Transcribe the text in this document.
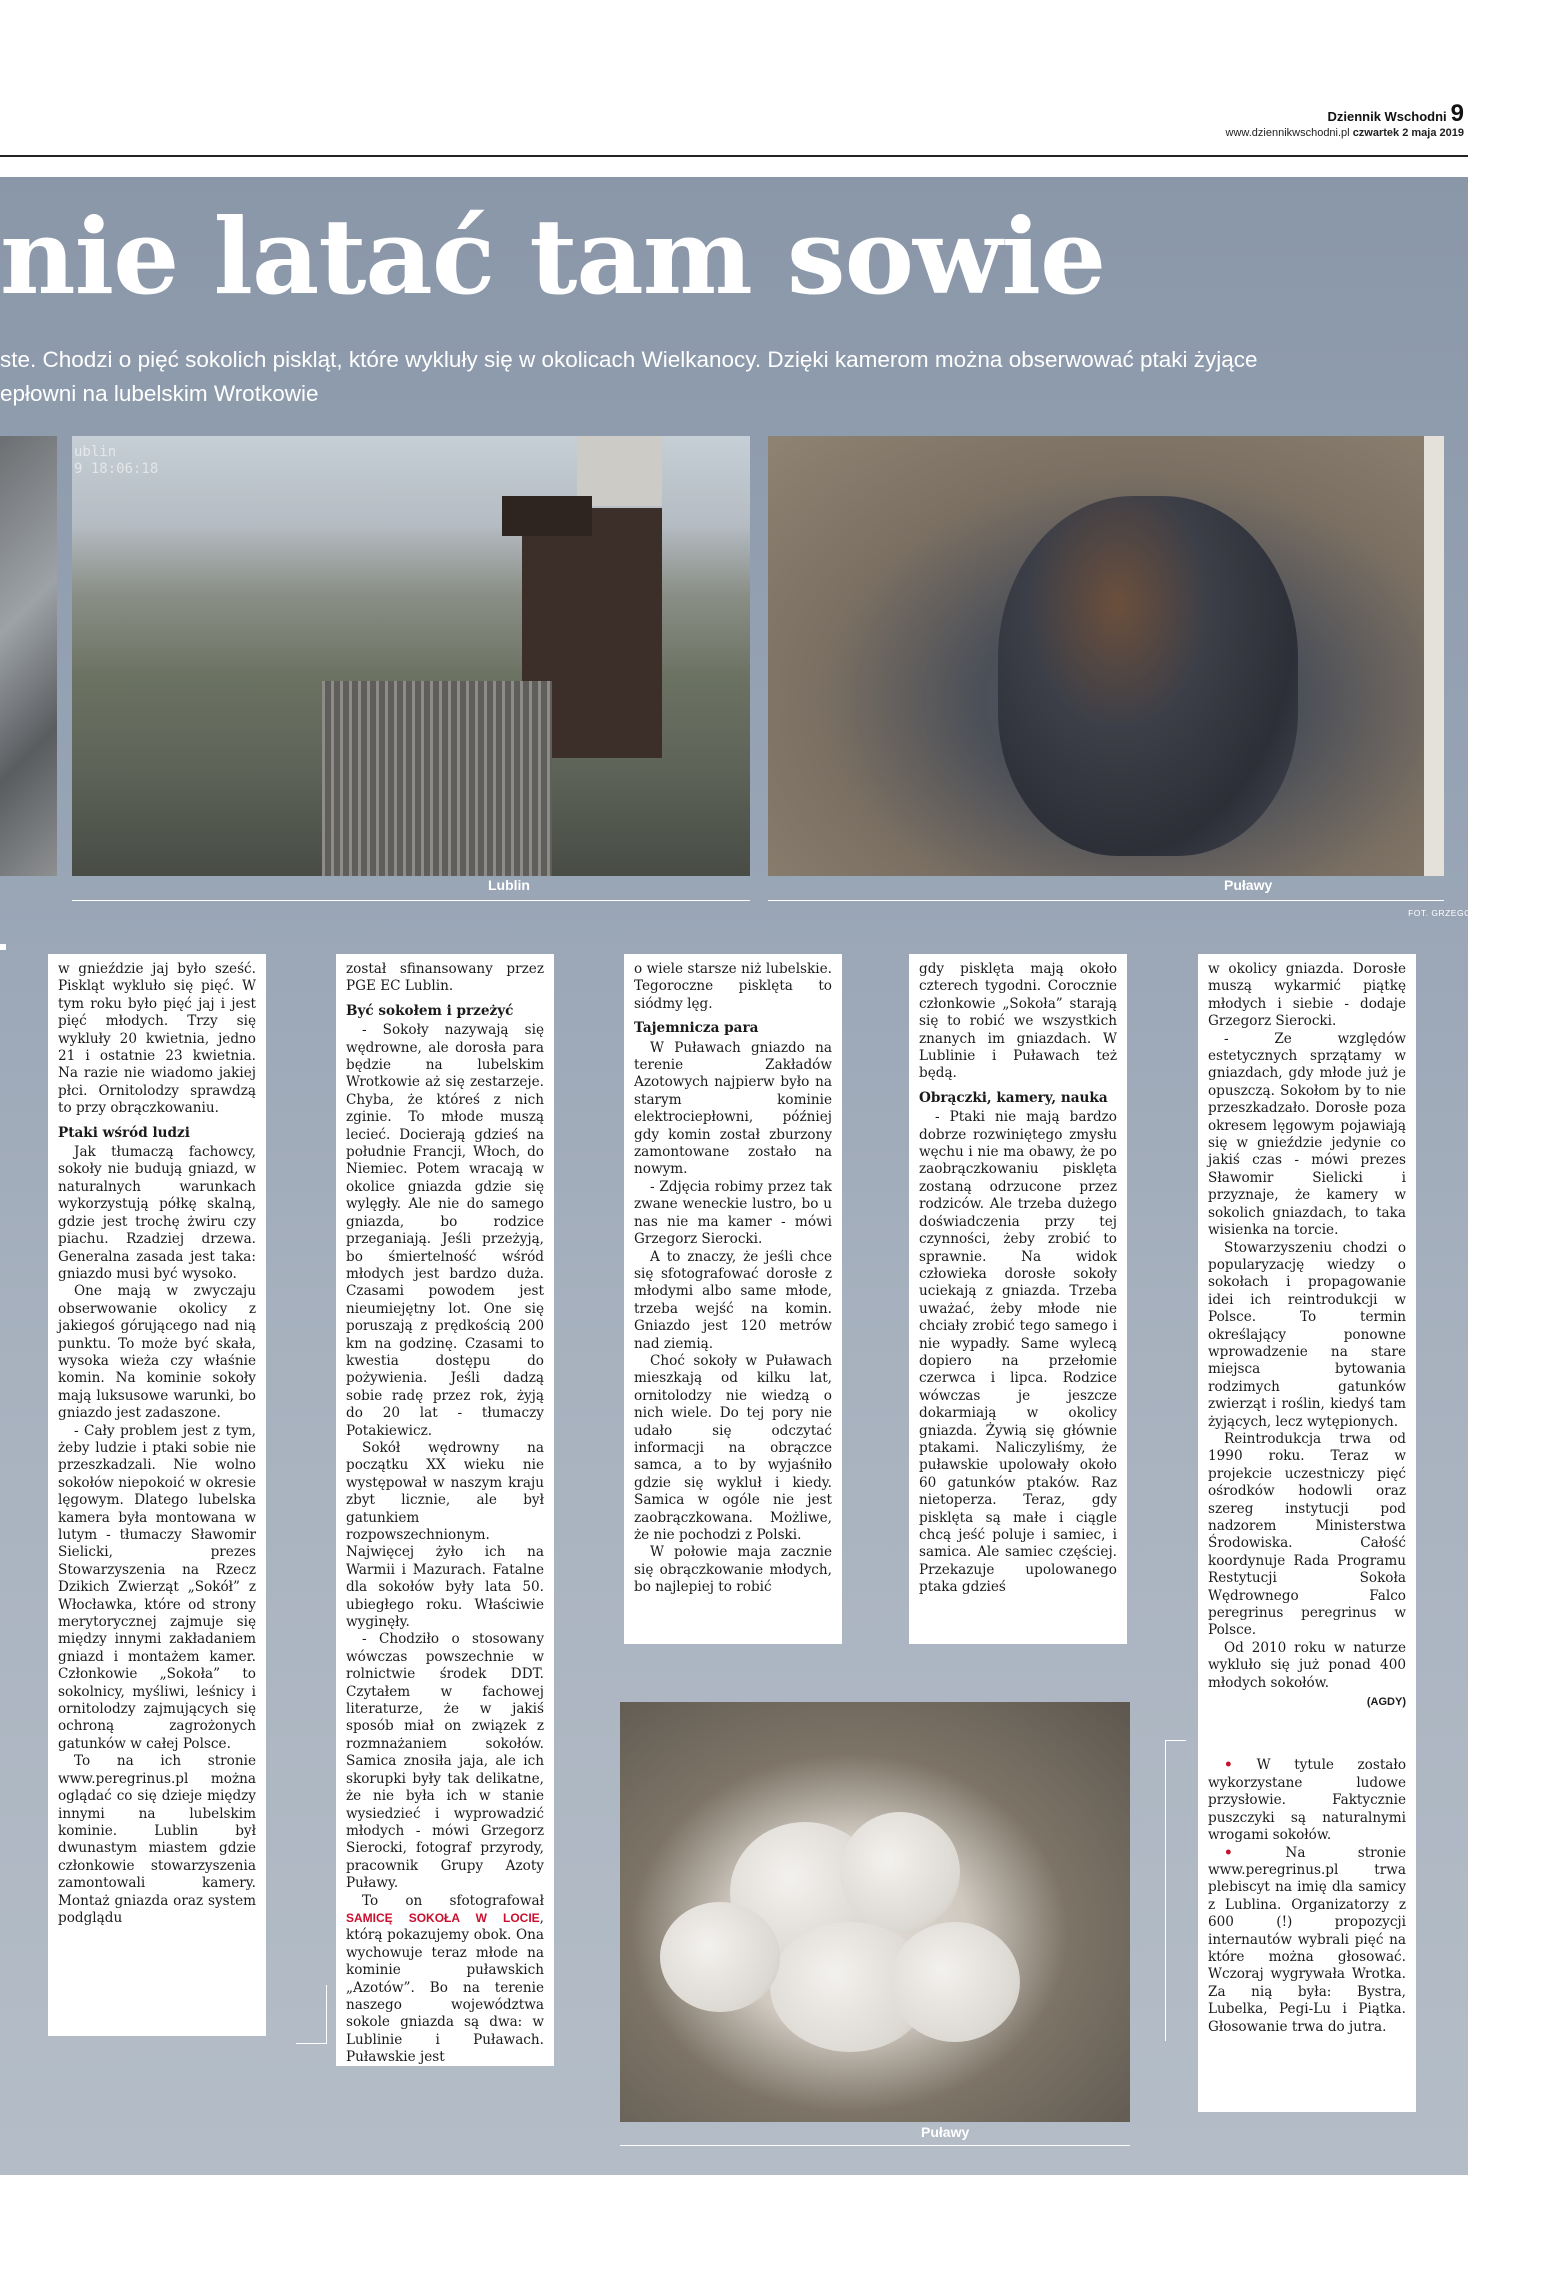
Dziennik Wschodni 9
www.dziennikwschodni.pl czwartek 2 maja 2019
nie latać tam sowie
ste. Chodzi o pięć sokolich piskląt, które wykluły się w okolicach Wielkanocy. Dzięki kamerom można obserwować ptaki żyjące
epłowni na lubelskim Wrotkowie
ublin
9 18:06:18
Lublin	Puławy
FOT. GRZEGORZ SIEROCKI
Puławy

w gnieździe jaj było sześć. Piskląt wykluło się pięć. W tym roku było pięć jaj i jest pięć młodych. Trzy się wykluły 20 kwietnia, jedno 21 i ostatnie 23 kwietnia. Na razie nie wiadomo jakiej płci. Ornitolodzy sprawdzą to przy obrączkowaniu.

Ptaki wśród ludzi

Jak tłumaczą fachowcy, sokoły nie budują gniazd, w naturalnych warunkach wykorzystują półkę skalną, gdzie jest trochę żwiru czy piachu. Rzadziej drzewa. Generalna zasada jest taka: gniazdo musi być wysoko.

One mają w zwyczaju obserwowanie okolicy z jakiegoś górującego nad nią punktu. To może być skała, wysoka wieża czy właśnie komin. Na kominie sokoły mają luksusowe warunki, bo gniazdo jest zadaszone.

- Cały problem jest z tym, żeby ludzie i ptaki sobie nie przeszkadzali. Nie wolno sokołów niepokoić w okresie lęgowym. Dlatego lubelska kamera była montowana w lutym - tłumaczy Sławomir Sielicki, prezes Stowarzyszenia na Rzecz Dzikich Zwierząt „Sokół” z Włocławka, które od strony merytorycznej zajmuje się między innymi zakładaniem gniazd i montażem kamer. Członkowie „Sokoła” to sokolnicy, myśliwi, leśnicy i ornitolodzy zajmujących się ochroną zagrożonych gatunków w całej Polsce.

To na ich stronie www.peregrinus.pl można oglądać co się dzieje między innymi na lubelskim kominie. Lublin był dwunastym miastem gdzie członkowie stowarzyszenia zamontowali kamery. Montaż gniazda oraz system podglądu

został sfinansowany przez PGE EC Lublin.

Być sokołem i przeżyć

- Sokoły nazywają się wędrowne, ale dorosła para będzie na lubelskim Wrotkowie aż się zestarzeje. Chyba, że któreś z nich zginie. To młode muszą lecieć. Docierają gdzieś na południe Francji, Włoch, do Niemiec. Potem wracają w okolice gniazda gdzie się wylęgły. Ale nie do samego gniazda, bo rodzice przeganiają. Jeśli przeżyją, bo śmiertelność wśród młodych jest bardzo duża. Czasami powodem jest nieumiejętny lot. One się poruszają z prędkością 200 km na godzinę. Czasami to kwestia dostępu do pożywienia. Jeśli dadzą sobie radę przez rok, żyją do 20 lat - tłumaczy Potakiewicz.

Sokół wędrowny na początku XX wieku nie występował w naszym kraju zbyt licznie, ale był gatunkiem rozpowszechnionym. Najwięcej żyło ich na Warmii i Mazurach. Fatalne dla sokołów były lata 50. ubiegłego roku. Właściwie wyginęły.

- Chodziło o stosowany wówczas powszechnie w rolnictwie środek DDT. Czytałem w fachowej literaturze, że w jakiś sposób miał on związek z rozmnażaniem sokołów. Samica znosiła jaja, ale ich skorupki były tak delikatne, że nie była ich w stanie wysiedzieć i wyprowadzić młodych - mówi Grzegorz Sierocki, fotograf przyrody, pracownik Grupy Azoty Puławy.

To on sfotografował SAMICĘ SOKOŁA W LOCIE, którą pokazujemy obok. Ona wychowuje teraz młode na kominie puławskich „Azotów”. Bo na terenie naszego województwa sokole gniazda są dwa: w Lublinie i Puławach. Puławskie jest

o wiele starsze niż lubelskie. Tegoroczne pisklęta to siódmy lęg.

Tajemnicza para

W Puławach gniazdo na terenie Zakładów Azotowych najpierw było na starym kominie elektrociepłowni, później gdy komin został zburzony zamontowane zostało na nowym.

- Zdjęcia robimy przez tak zwane weneckie lustro, bo u nas nie ma kamer - mówi Grzegorz Sierocki.

A to znaczy, że jeśli chce się sfotografować dorosłe z młodymi albo same młode, trzeba wejść na komin. Gniazdo jest 120 metrów nad ziemią.

Choć sokoły w Puławach mieszkają od kilku lat, ornitolodzy nie wiedzą o nich wiele. Do tej pory nie udało się odczytać informacji na obrączce samca, a to by wyjaśniło gdzie się wykluł i kiedy. Samica w ogóle nie jest zaobrączkowana. Możliwe, że nie pochodzi z Polski.

W połowie maja zacznie się obrączkowanie młodych, bo najlepiej to robić

gdy pisklęta mają około czterech tygodni. Corocznie członkowie „Sokoła” starają się to robić we wszystkich znanych im gniazdach. W Lublinie i Puławach też będą.

Obrączki, kamery, nauka

- Ptaki nie mają bardzo dobrze rozwiniętego zmysłu węchu i nie ma obawy, że po zaobrączkowaniu pisklęta zostaną odrzucone przez rodziców. Ale trzeba dużego doświadczenia przy tej czynności, żeby zrobić to sprawnie. Na widok człowieka dorosłe sokoły uciekają z gniazda. Trzeba uważać, żeby młode nie chciały zrobić tego samego i nie wypadły. Same wylecą dopiero na przełomie czerwca i lipca. Rodzice wówczas je jeszcze dokarmiają w okolicy gniazda. Żywią się głównie ptakami. Naliczyliśmy, że puławskie upolowały około 60 gatunków ptaków. Raz nietoperza. Teraz, gdy pisklęta są małe i ciągle chcą jeść poluje i samiec, i samica. Ale samiec częściej. Przekazuje upolowanego ptaka gdzieś

w okolicy gniazda. Dorosłe muszą wykarmić piątkę młodych i siebie - dodaje Grzegorz Sierocki.

- Ze względów estetycznych sprzątamy w gniazdach, gdy młode już je opuszczą. Sokołom by to nie przeszkadzało. Dorosłe poza okresem lęgowym pojawiają się w gnieździe jedynie co jakiś czas - mówi prezes Sławomir Sielicki i przyznaje, że kamery w sokolich gniazdach, to taka wisienka na torcie.

Stowarzyszeniu chodzi o popularyzację wiedzy o sokołach i propagowanie idei ich reintrodukcji w Polsce. To termin określający ponowne wprowadzenie na stare miejsca bytowania rodzimych gatunków zwierząt i roślin, kiedyś tam żyjących, lecz wytępionych.

Reintrodukcja trwa od 1990 roku. Teraz w projekcie uczestniczy pięć ośrodków hodowli oraz szereg instytucji pod nadzorem Ministerstwa Środowiska. Całość koordynuje Rada Programu Restytucji Sokoła Wędrownego Falco peregrinus peregrinus w Polsce.

Od 2010 roku w naturze wykluło się już ponad 400 młodych sokołów.

(AGDY)

• W tytule zostało wykorzystane ludowe przysłowie. Faktycznie puszczyki są naturalnymi wrogami sokołów.

• Na stronie www.peregrinus.pl trwa plebiscyt na imię dla samicy z Lublina. Organizatorzy z 600 (!) propozycji internautów wybrali pięć na które można głosować. Wczoraj wygrywała Wrotka. Za nią była: Bystra, Lubelka, Pegi-Lu i Piątka. Głosowanie trwa do jutra.
